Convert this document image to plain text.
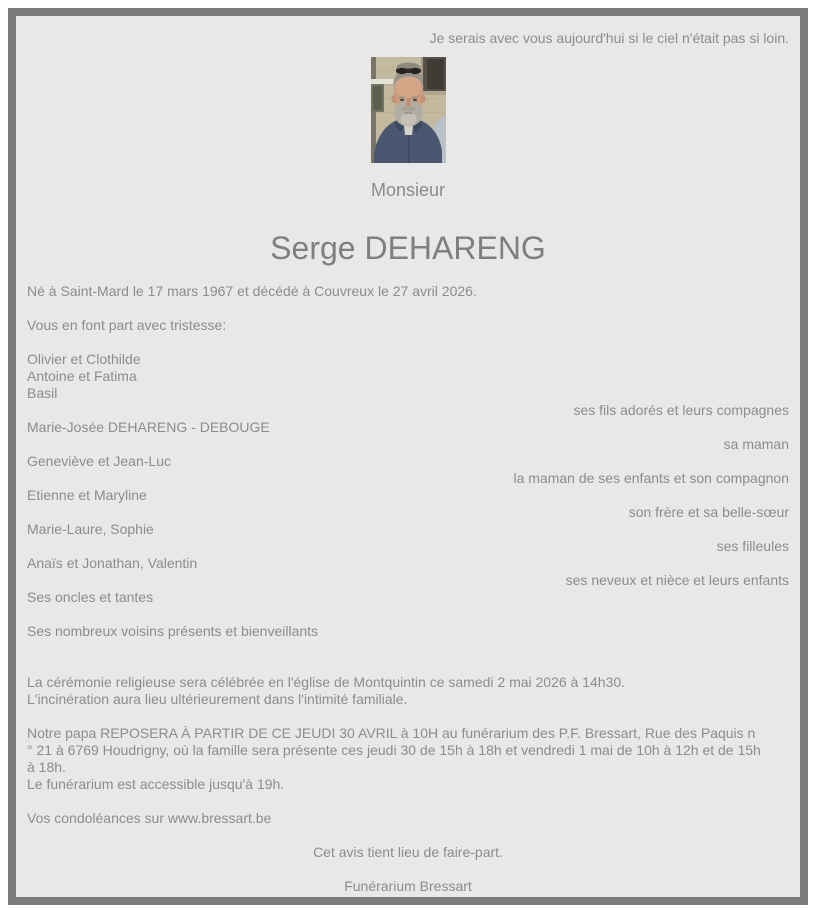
Je serais avec vous aujourd'hui si le ciel n'était pas si loin.
Monsieur
Serge DEHARENG
Né à Saint-Mard le 17 mars 1967 et décédé à Couvreux le 27 avril 2026.
Vous en font part avec tristesse:
Olivier et Clothilde
Antoine et Fatima
Basil
ses fils adorés et leurs compagnes
Marie-Josée DEHARENG - DEBOUGE
sa maman
Geneviève et Jean-Luc
la maman de ses enfants et son compagnon
Etienne et Maryline
son frère et sa belle-sœur
Marie-Laure, Sophie
ses filleules
Anaïs et Jonathan, Valentin
ses neveux et nièce et leurs enfants
Ses oncles et tantes
Ses nombreux voisins présents et bienveillants
La cérémonie religieuse sera célébrée en l'église de Montquintin ce samedi 2 mai 2026 à 14h30.
L'incinération aura lieu ultérieurement dans l'intimité familiale.
Notre papa REPOSERA À PARTIR DE CE JEUDI 30 AVRIL à 10H au funérarium des P.F. Bressart, Rue des Paquis n
° 21 à 6769 Houdrigny, où la famille sera présente ces jeudi 30 de 15h à 18h et vendredi 1 mai de 10h à 12h et de 15h
à 18h.
Le funérarium est accessible jusqu'à 19h.
Vos condoléances sur www.bressart.be
Cet avis tient lieu de faire-part.
Funérarium Bressart
